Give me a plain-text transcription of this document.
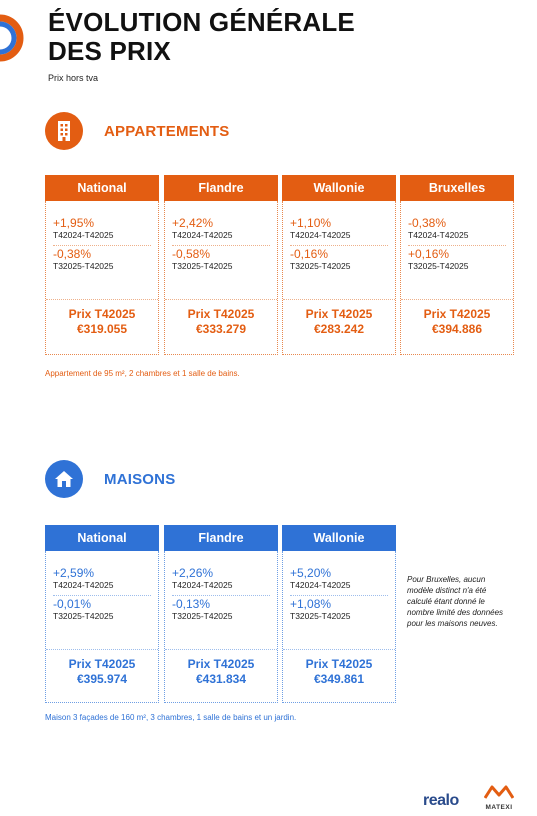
ÉVOLUTION GÉNÉRALE
DES PRIX
Prix hors tva
APPARTEMENTS
National
+1,95%
T42024-T42025
-0,38%
T32025-T42025
Prix T42025
€319.055
Flandre
+2,42%
T42024-T42025
-0,58%
T32025-T42025
Prix T42025
€333.279
Wallonie
+1,10%
T42024-T42025
-0,16%
T32025-T42025
Prix T42025
€283.242
Bruxelles
-0,38%
T42024-T42025
+0,16%
T32025-T42025
Prix T42025
€394.886
Appartement de 95 m², 2 chambres et 1 salle de bains.
MAISONS
National
+2,59%
T42024-T42025
-0,01%
T32025-T42025
Prix T42025
€395.974
Flandre
+2,26%
T42024-T42025
-0,13%
T32025-T42025
Prix T42025
€431.834
Wallonie
+5,20%
T42024-T42025
+1,08%
T32025-T42025
Prix T42025
€349.861
Pour Bruxelles, aucun modèle distinct n'a été calculé étant donné le nombre limité des données pour les maisons neuves.
Maison 3 façades de 160 m², 3 chambres, 1 salle de bains et un jardin.
realo	MATEXI
